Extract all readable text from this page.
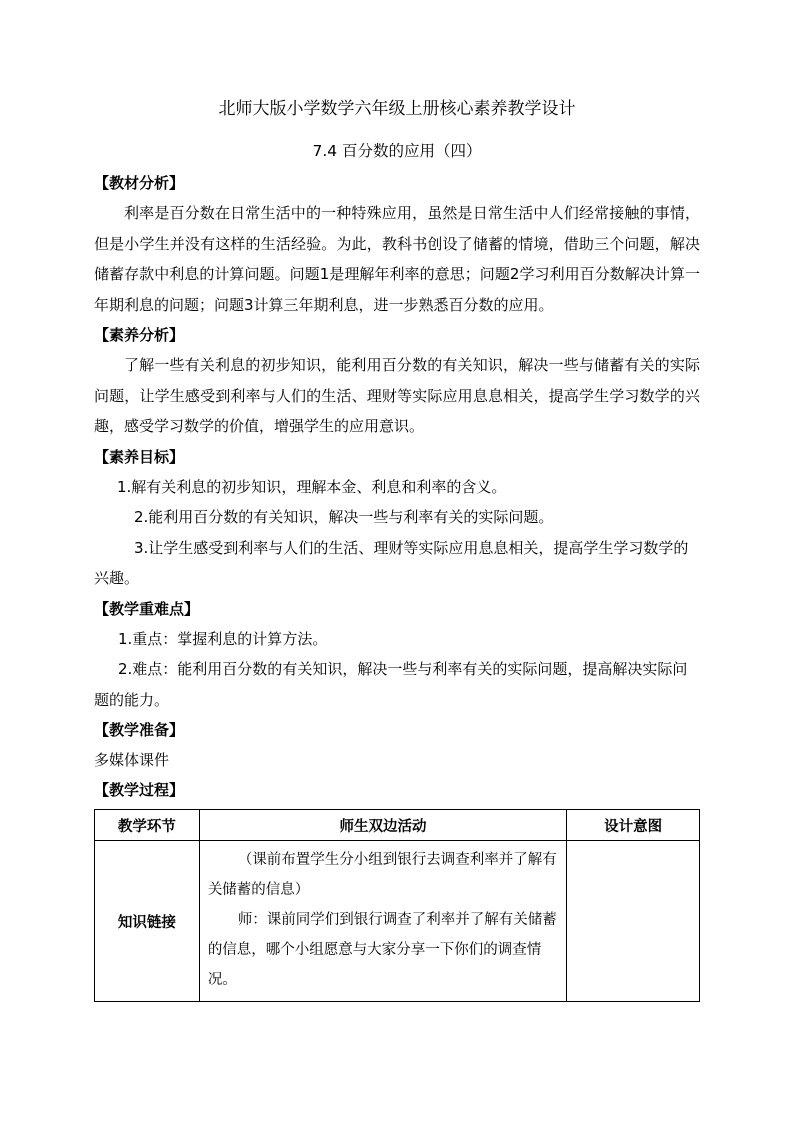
北师大版小学数学六年级上册核心素养教学设计
7.4 百分数的应用（四）

【教材分析】

利率是百分数在日常生活中的一种特殊应用，虽然是日常生活中人们经常接触的事情，但是小学生并没有这样的生活经验。为此，教科书创设了储蓄的情境，借助三个问题，解决储蓄存款中利息的计算问题。问题1是理解年利率的意思；问题2学习利用百分数解决计算一年期利息的问题；问题3计算三年期利息，进一步熟悉百分数的应用。

【素养分析】

了解一些有关利息的初步知识，能利用百分数的有关知识，解决一些与储蓄有关的实际问题，让学生感受到利率与人们的生活、理财等实际应用息息相关，提高学生学习数学的兴趣，感受学习数学的价值，增强学生的应用意识。

【素养目标】

1.解有关利息的初步知识，理解本金、利息和利率的含义。

2.能利用百分数的有关知识，解决一些与利率有关的实际问题。

3.让学生感受到利率与人们的生活、理财等实际应用息息相关，提高学生学习数学的兴趣。

【教学重难点】

1.重点：掌握利息的计算方法。

2.难点：能利用百分数的有关知识，解决一些与利率有关的实际问题，提高解决实际问题的能力。

【教学准备】

多媒体课件

【教学过程】

教学环节	师生双边活动	设计意图
知识链接	（课前布置学生分小组到银行去调查利率并了解有关储蓄的信息）

师：课前同学们到银行调查了利率并了解有关储蓄的信息，哪个小组愿意与大家分享一下你们的调查情况。	
